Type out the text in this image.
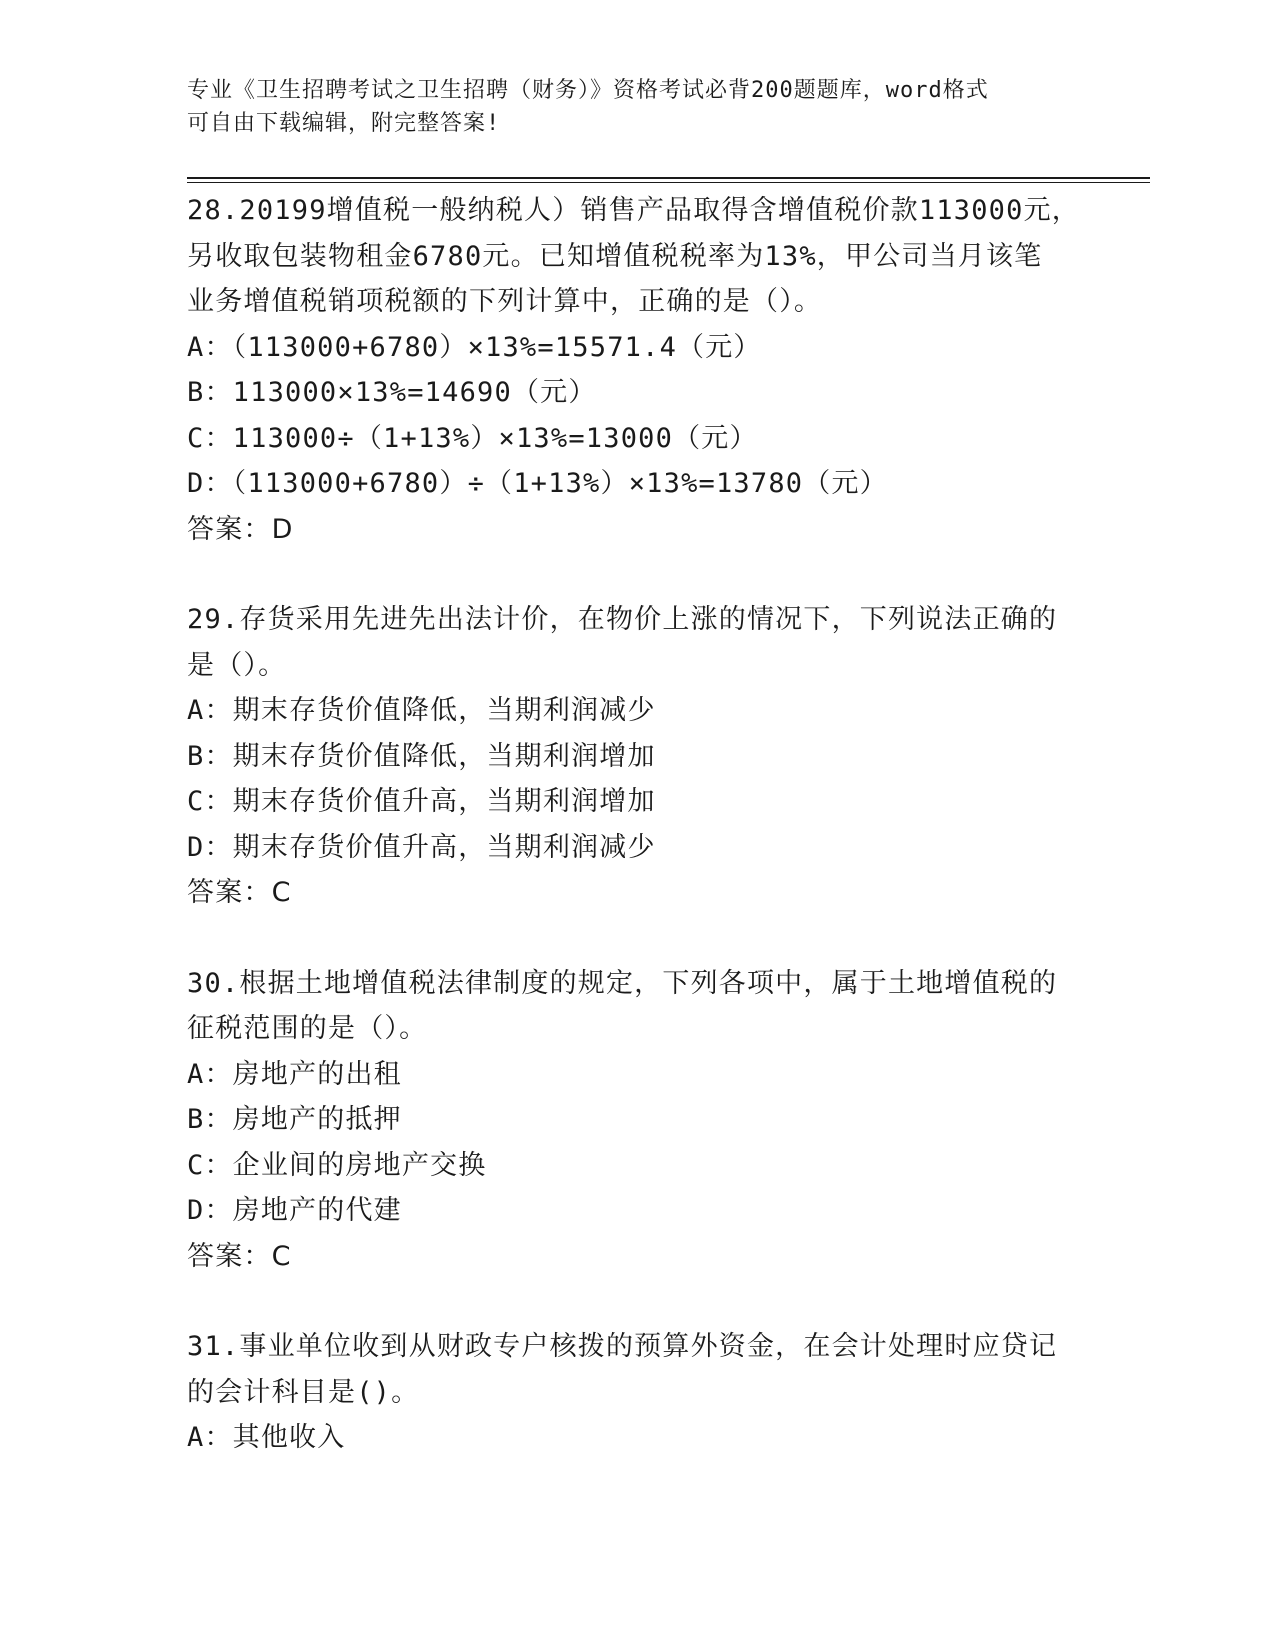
专业《卫生招聘考试之卫生招聘（财务）》资格考试必背200题题库，word格式
可自由下载编辑，附完整答案!
28.20199增值税一般纳税人）销售产品取得含增值税价款113000元，
另收取包装物租金6780元。已知增值税税率为13%，甲公司当月该笔
业务增值税销项税额的下列计算中，正确的是（）。
A：（113000+6780）×13%=15571.4（元）
B：113000×13%=14690（元）
C：113000÷（1+13%）×13%=13000（元）
D：（113000+6780）÷（1+13%）×13%=13780（元）
答案：D
29.存货采用先进先出法计价，在物价上涨的情况下，下列说法正确的
是（）。
A：期末存货价值降低，当期利润减少
B：期末存货价值降低，当期利润增加
C：期末存货价值升高，当期利润增加
D：期末存货价值升高，当期利润减少
答案：C
30.根据土地增值税法律制度的规定，下列各项中，属于土地增值税的
征税范围的是（）。
A：房地产的出租
B：房地产的抵押
C：企业间的房地产交换
D：房地产的代建
答案：C
31.事业单位收到从财政专户核拨的预算外资金，在会计处理时应贷记
的会计科目是()。
A：其他收入
